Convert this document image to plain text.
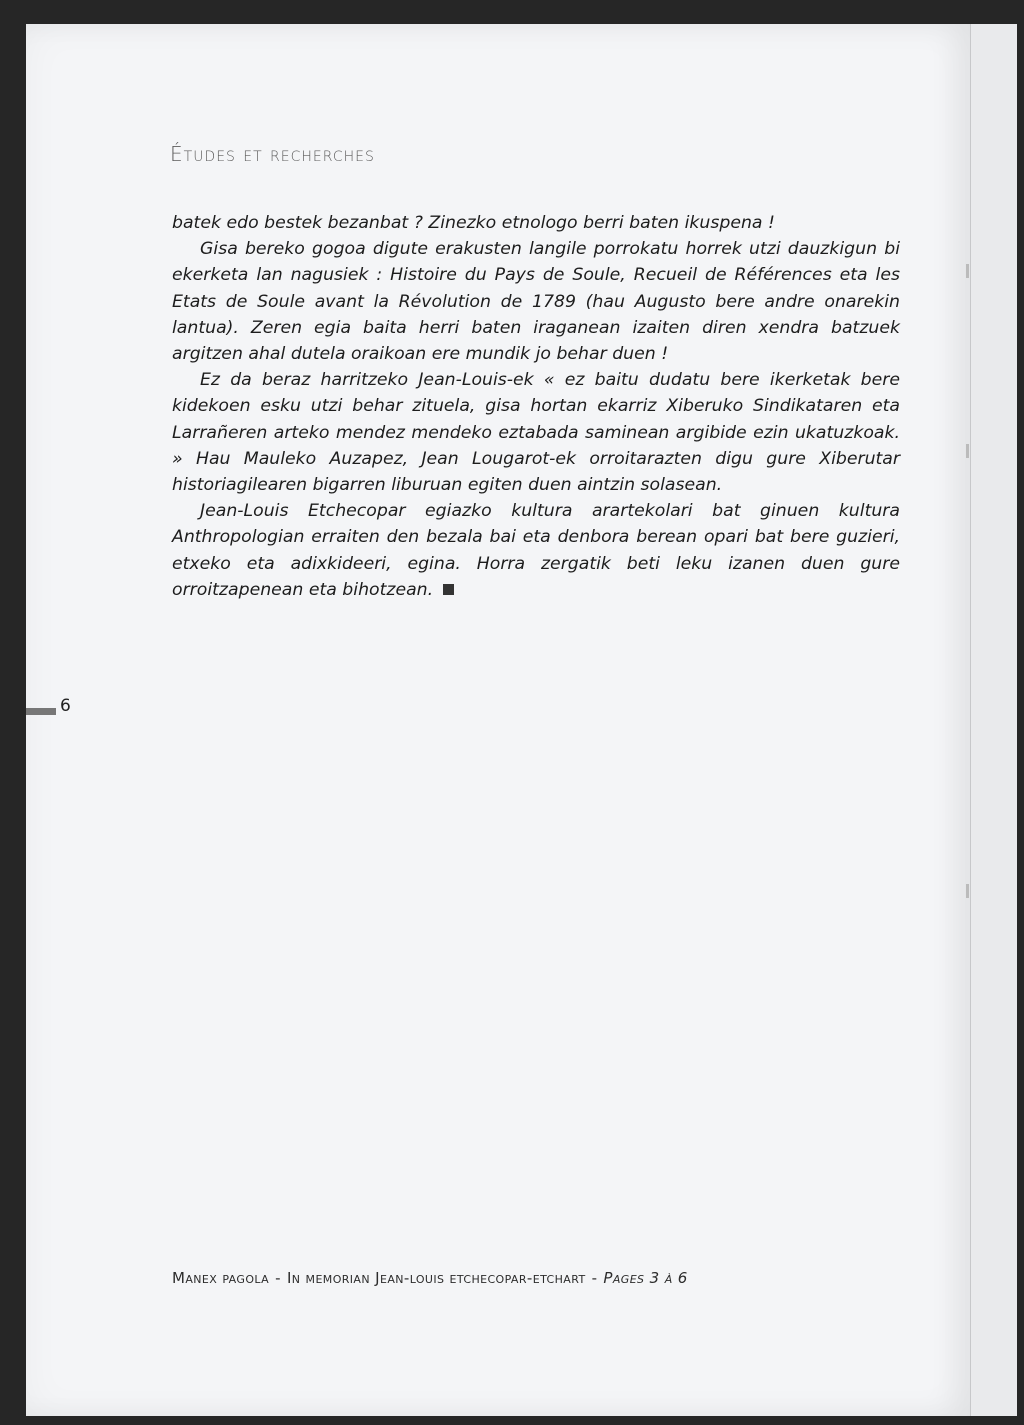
Études et recherches

batek edo bestek bezanbat ? Zinezko etnologo berri baten ikuspena !

Gisa bereko gogoa digute erakusten langile porrokatu horrek utzi dauzkigun bi ekerketa lan nagusiek : Histoire du Pays de Soule, Recueil de Références eta les Etats de Soule avant la Révolution de 1789 (hau Augusto bere andre onarekin lantua). Zeren egia baita herri baten iraganean izaiten diren xendra batzuek argitzen ahal dutela oraikoan ere mundik jo behar duen !

Ez da beraz harritzeko Jean-Louis-ek « ez baitu dudatu bere ikerketak bere kidekoen esku utzi behar zituela, gisa hortan ekarriz Xiberuko Sindikataren eta Larrañeren arteko mendez mendeko eztabada saminean argibide ezin ukatuzkoak. » Hau Mauleko Auzapez, Jean Lougarot-ek orroitarazten digu gure Xiberutar historiagilearen bigarren liburuan egiten duen aintzin solasean.

Jean-Louis Etchecopar egiazko kultura arartekolari bat ginuen kultura Anthropologian erraiten den bezala bai eta denbora berean opari bat bere guzieri, etxeko eta adixkideeri, egina. Horra zergatik beti leku izanen duen gure orroitzapenean eta bihotzean.

6
Manex pagola - In memorian Jean-louis etchecopar-etchart - Pages 3 à 6
